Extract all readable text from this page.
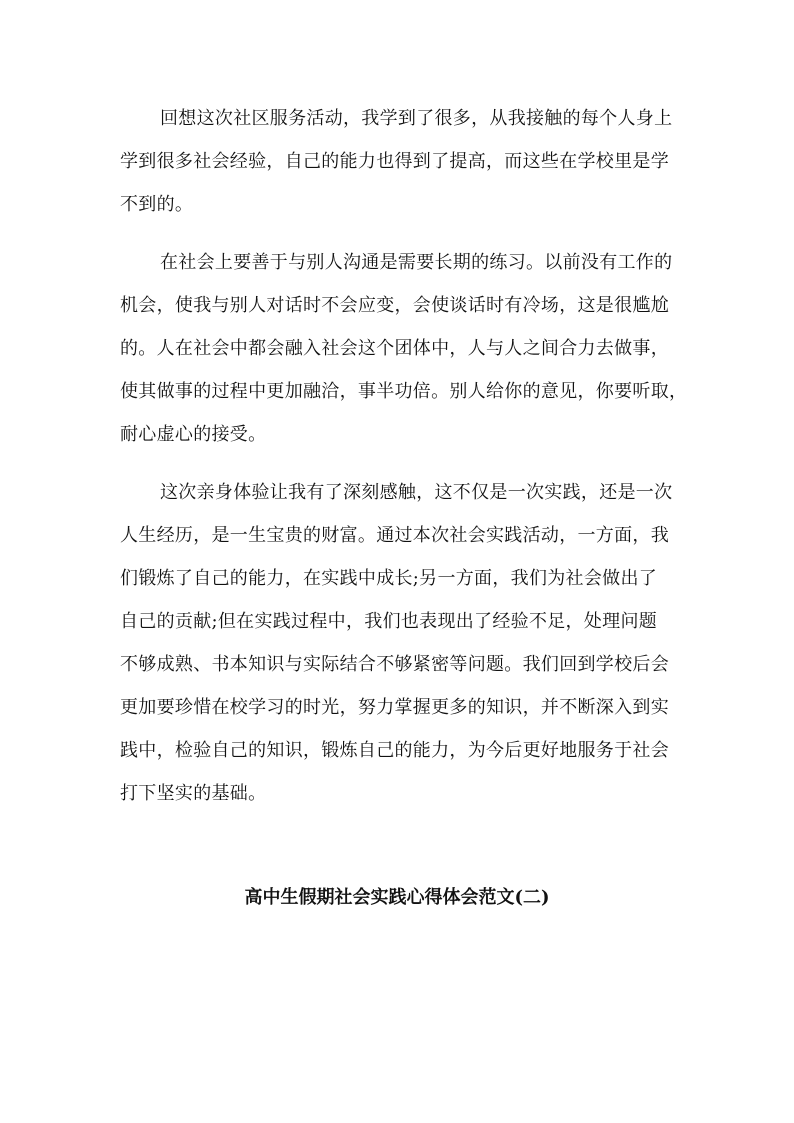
回想这次社区服务活动，我学到了很多，从我接触的每个人身上
学到很多社会经验，自己的能力也得到了提高，而这些在学校里是学
不到的。
在社会上要善于与别人沟通是需要长期的练习。以前没有工作的
机会，使我与别人对话时不会应变，会使谈话时有冷场，这是很尴尬
的。人在社会中都会融入社会这个团体中，人与人之间合力去做事，
使其做事的过程中更加融洽，事半功倍。别人给你的意见，你要听取，
耐心虚心的接受。
这次亲身体验让我有了深刻感触，这不仅是一次实践，还是一次
人生经历，是一生宝贵的财富。通过本次社会实践活动，一方面，我
们锻炼了自己的能力，在实践中成长;另一方面，我们为社会做出了
自己的贡献;但在实践过程中，我们也表现出了经验不足，处理问题
不够成熟、书本知识与实际结合不够紧密等问题。我们回到学校后会
更加要珍惜在校学习的时光，努力掌握更多的知识，并不断深入到实
践中，检验自己的知识，锻炼自己的能力，为今后更好地服务于社会
打下坚实的基础。
高中生假期社会实践心得体会范文(二)
